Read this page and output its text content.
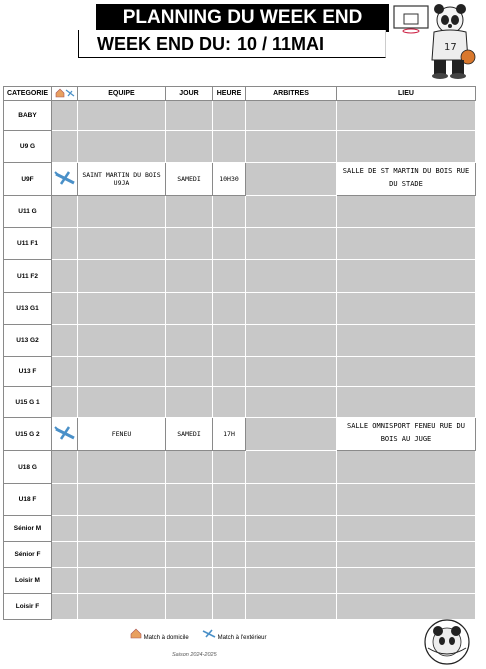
PLANNING DU WEEK END
WEEK END DU: 10 / 11MAI	17
CATEGORIE		EQUIPE	JOUR	HEURE	ARBITRES	LIEU
BABY						
U9 G						
U9F		SAINT MARTIN DU BOIS U9JA	SAMEDI	10H30		SALLE DE ST MARTIN DU BOIS RUE DU STADE
U11 G						
U11 F1						
U11 F2						
U13 G1						
U13 G2						
U13 F						
U15 G 1						
U15 G 2		FENEU	SAMEDI	17H		SALLE OMNISPORT FENEU RUE DU BOIS AU JUGE
U18 G						
U18 F						
Sénior M						
Sénior F						
Loisir M						
Loisir F						
Match à domicile	Match à l'extérieur
Saison 2024-2025
